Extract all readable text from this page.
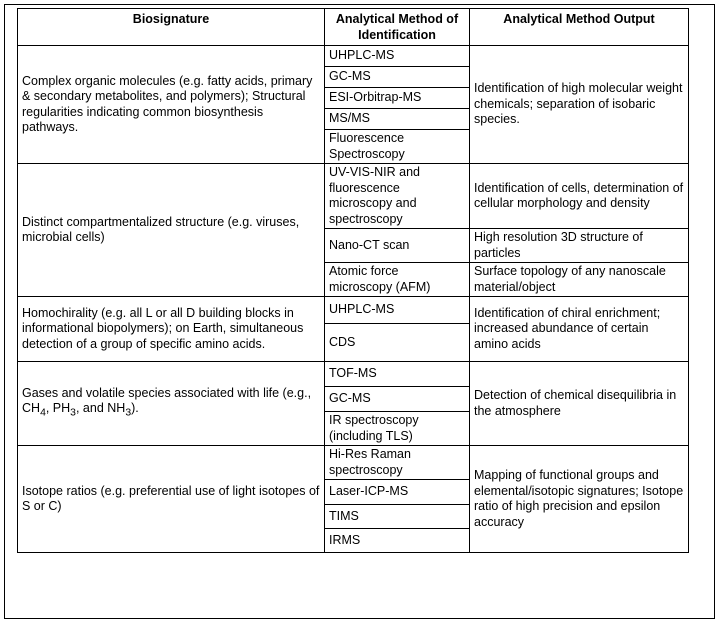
Biosignature	Analytical Method of Identification	Analytical Method Output
Complex organic molecules (e.g. fatty acids, primary & secondary metabolites, and polymers); Structural regularities indicating common biosynthesis pathways.	UHPLC-MS	Identification of high molecular weight chemicals; separation of isobaric species.
	GC-MS	
	ESI-Orbitrap-MS	
	MS/MS	
	Fluorescence Spectroscopy	
Distinct compartmentalized structure (e.g. viruses, microbial cells)	UV-VIS-NIR and fluorescence microscopy and spectroscopy	Identification of cells, determination of cellular morphology and density
	Nano-CT scan	High resolution 3D structure of particles
	Atomic force microscopy (AFM)	Surface topology of any nanoscale material/object
Homochirality (e.g. all L or all D building blocks in informational biopolymers); on Earth, simultaneous detection of a group of specific amino acids.	UHPLC-MS	Identification of chiral enrichment; increased abundance of certain amino acids
	CDS	
Gases and volatile species associated with life (e.g., $CH_4$, $PH_3$, and $NH_3$).	TOF-MS	Detection of chemical disequilibria in the atmosphere
	GC-MS	
	IR spectroscopy (including TLS)	
Isotope ratios (e.g. preferential use of light isotopes of S or C)	Hi-Res Raman spectroscopy	Mapping of functional groups and elemental/isotopic signatures; Isotope ratio of high precision and epsilon accuracy
	Laser-ICP-MS	
	TIMS	
	IRMS	
